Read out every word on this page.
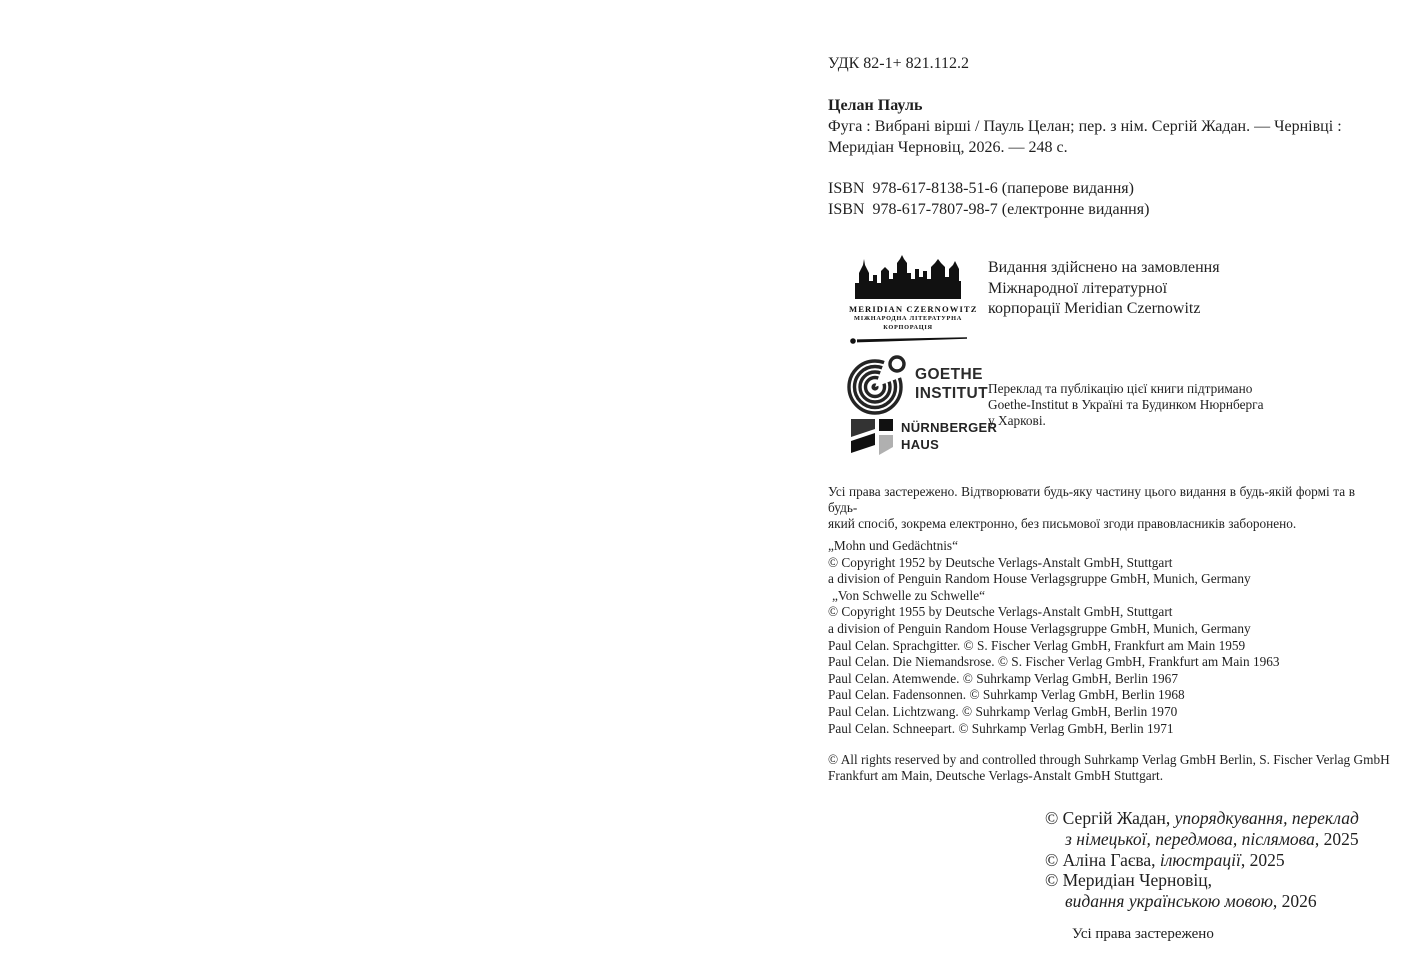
УДК 82-1+ 821.112.2
Целан Пауль
Фуга : Вибрані вірші / Пауль Целан; пер. з нім. Сергій Жадан. — Чернівці :
Меридіан Черновіц, 2026. — 248 с.
ISBN  978-617-8138-51-6 (паперове видання)
ISBN  978-617-7807-98-7 (електронне видання)
MERIDIAN CZERNOWITZ
МІЖНАРОДНА ЛІТЕРАТУРНА
КОРПОРАЦІЯ
Видання здійснено на замовлення
Міжнародної літературної
корпорації Meridian Czernowitz
GOETHE
INSTITUT Переклад та публікацію цієї книги підтримано
Goethe-Institut в Україні та Будинком Нюрнберга
у Харкові.
NÜRNBERGER
HAUS
Усі права застережено. Відтворювати будь-яку частину цього видання в будь-якій формі та в будь-
який спосіб, зокрема електронно, без письмової згоди правовласників заборонено.
„Mohn und Gedächtnis“
© Copyright 1952 by Deutsche Verlags-Anstalt GmbH, Stuttgart
a division of Penguin Random House Verlagsgruppe GmbH, Munich, Germany
„Von Schwelle zu Schwelle“
© Copyright 1955 by Deutsche Verlags-Anstalt GmbH, Stuttgart
a division of Penguin Random House Verlagsgruppe GmbH, Munich, Germany
Paul Celan. Sprachgitter. © S. Fischer Verlag GmbH, Frankfurt am Main 1959
Paul Celan. Die Niemandsrose. © S. Fischer Verlag GmbH, Frankfurt am Main 1963
Paul Celan. Atemwende. © Suhrkamp Verlag GmbH, Berlin 1967
Paul Celan. Fadensonnen. © Suhrkamp Verlag GmbH, Berlin 1968
Paul Celan. Lichtzwang. © Suhrkamp Verlag GmbH, Berlin 1970
Paul Celan. Schneepart. © Suhrkamp Verlag GmbH, Berlin 1971
© All rights reserved by and controlled through Suhrkamp Verlag GmbH Berlin, S. Fischer Verlag GmbH
Frankfurt am Main, Deutsche Verlags-Anstalt GmbH Stuttgart.
© Сергій Жадан, упорядкування, переклад
з німецької, передмова, післямова, 2025
© Аліна Гаєва, ілюстрації, 2025
© Меридіан Черновіц,
видання українською мовою, 2026
Усі права застережено
